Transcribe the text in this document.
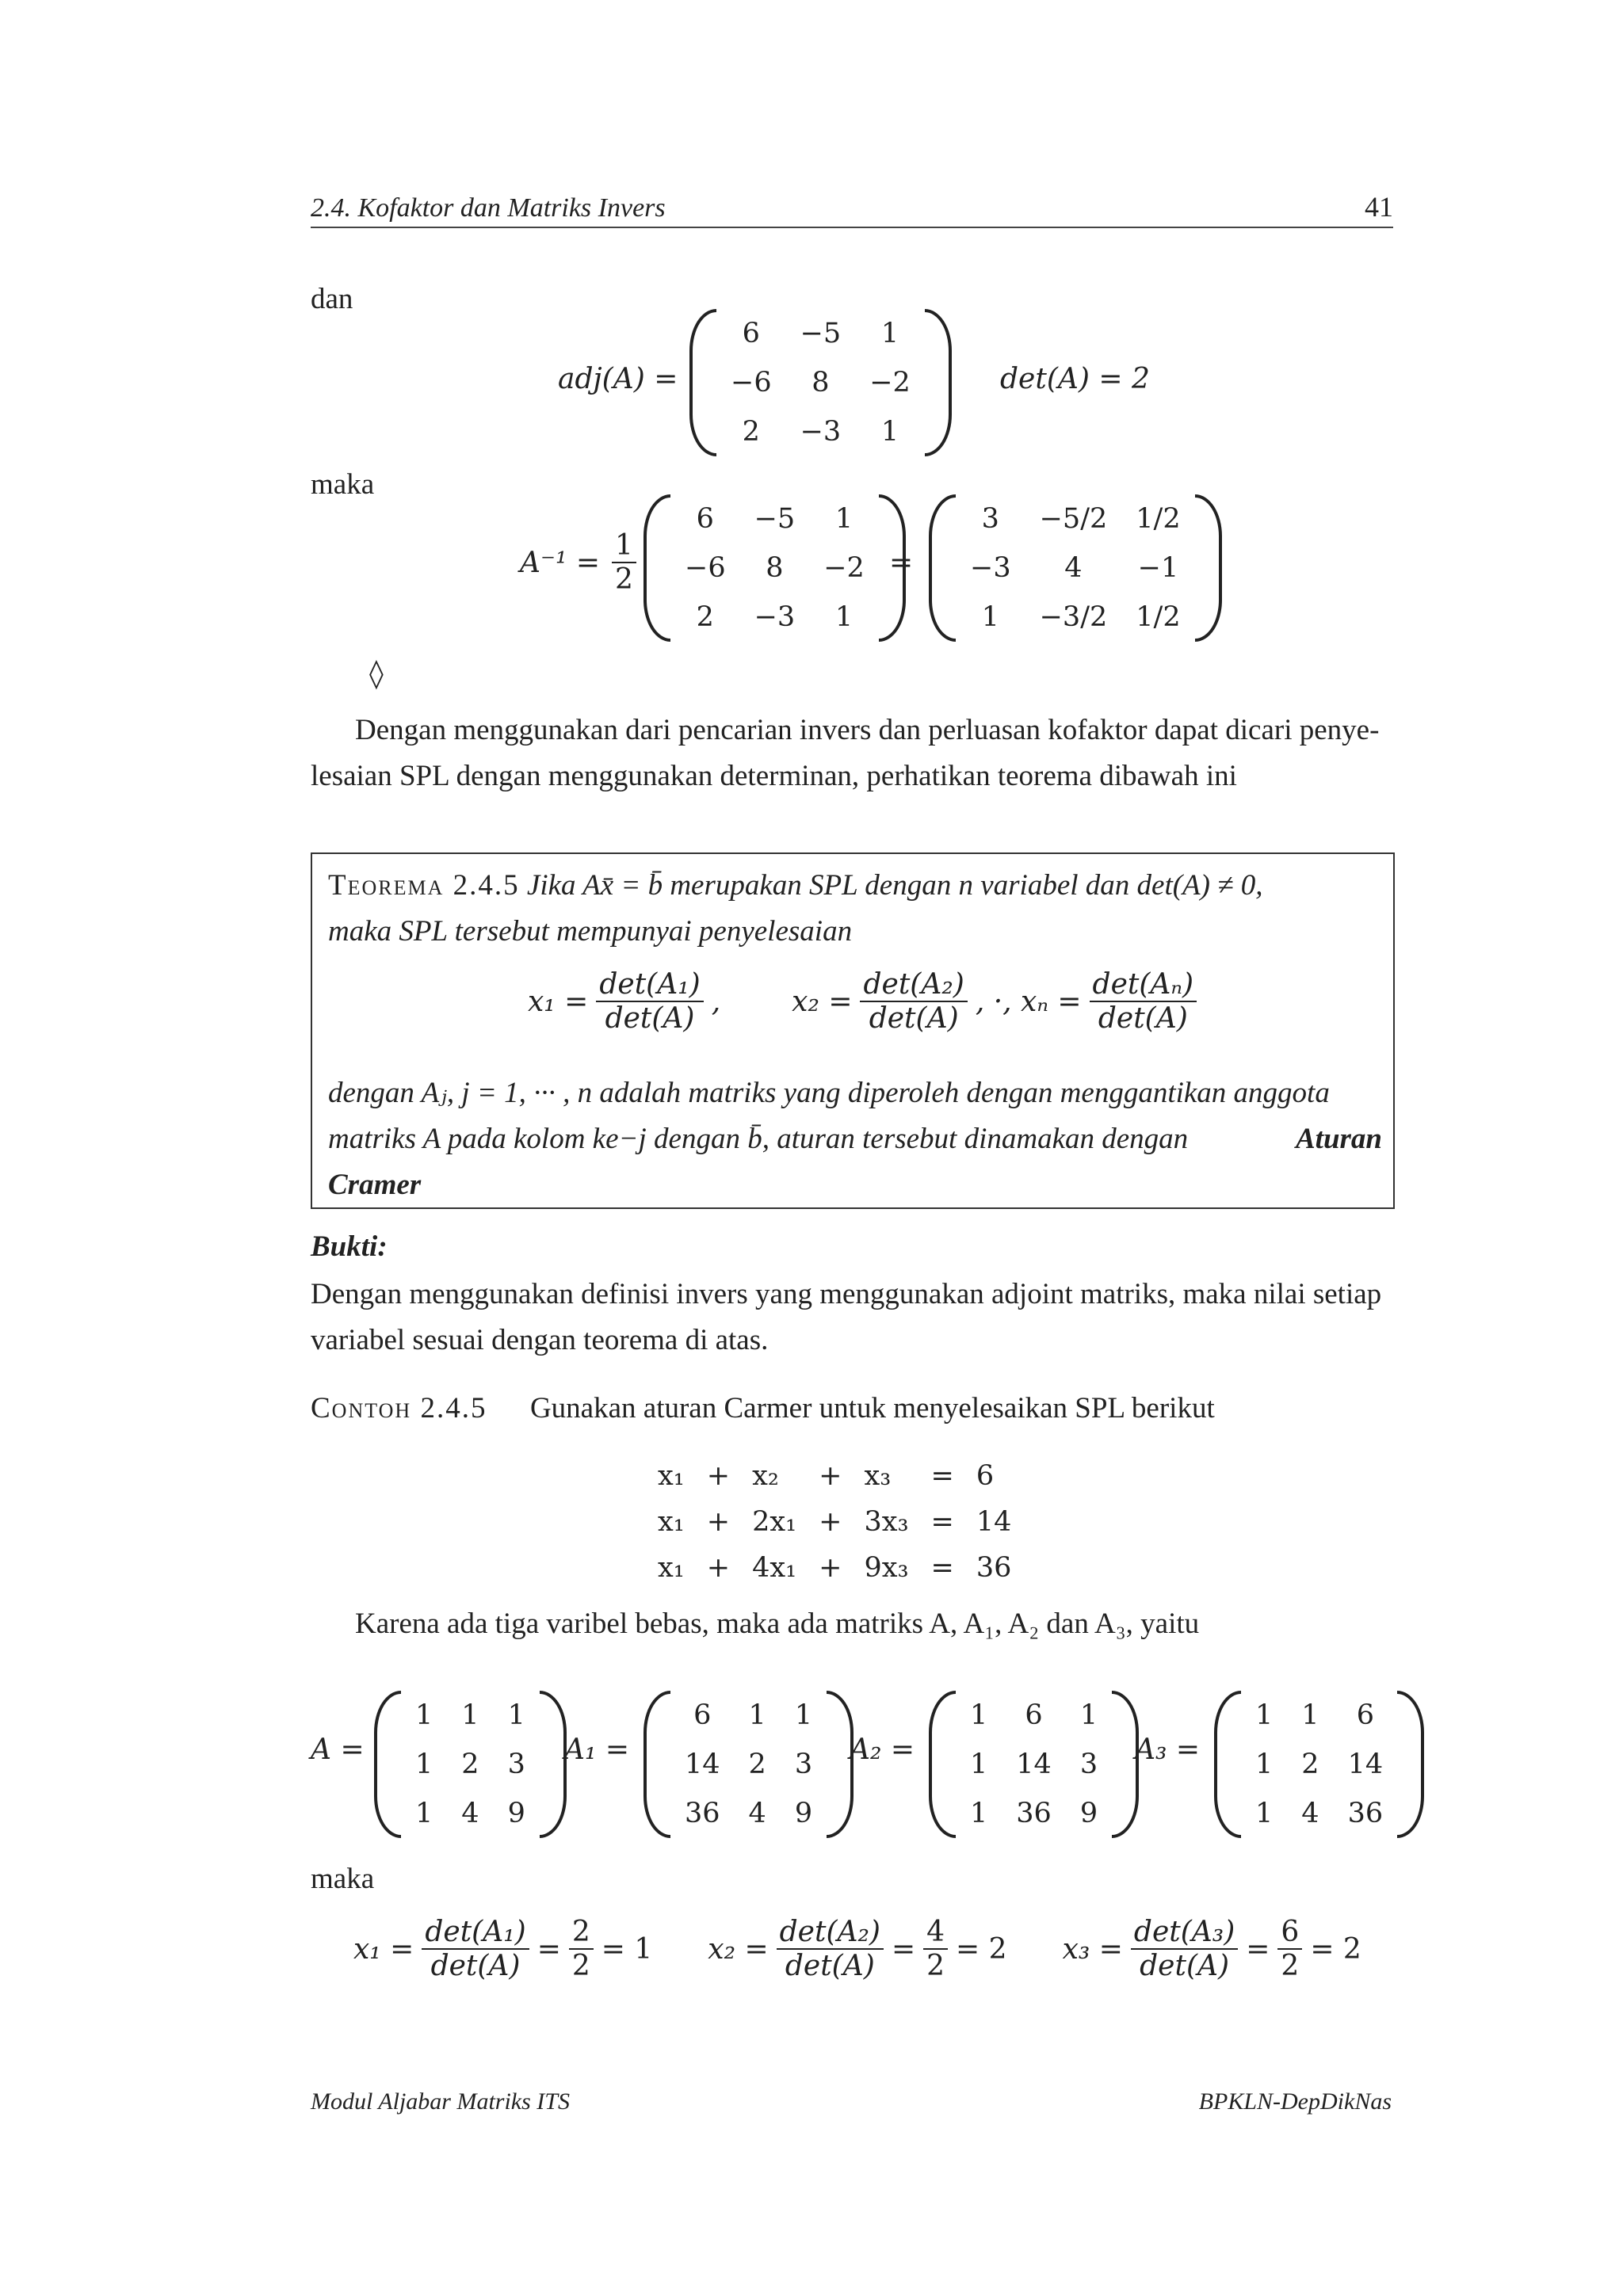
2.4. Kofaktor dan Matriks Invers	41
dan
adj(A) =
6	−5	1
−6	8	−2
2	−3	1
det(A) = 2
maka
$A^{-1} = \frac{1}{2}$
6	−5	1
−6	8	−2
2	−3	1
=
3	−5/2	1/2
−3	4	−1
1	−3/2	1/2
◊
Dengan menggunakan dari pencarian invers dan perluasan kofaktor dapat dicari penye-
lesaian SPL dengan menggunakan determinan, perhatikan teorema dibawah ini
Teorema 2.4.5 Jika Ax̄ = b̄ merupakan SPL dengan n variabel dan det(A) ≠ 0,
maka SPL tersebut mempunyai penyelesaian
$x_1 = \frac{\text{det(A₁)}}{\det(A)}$ ,	$x_2 = \frac{\text{det(A₂)}}{\det(A)}$ , ·, $x_n = \frac{\text{det(Aₙ)}}{\det(A)}$
dengan Aⱼ, j = 1, ··· , n adalah matriks yang diperoleh dengan menggantikan anggota
matriks A pada kolom ke−j dengan b̄, aturan tersebut dinamakan dengan	Aturan
Cramer
Bukti:
Dengan menggunakan definisi invers yang menggunakan adjoint matriks, maka nilai setiap
variabel sesuai dengan teorema di atas.
Contoh 2.4.5 Gunakan aturan Carmer untuk menyelesaikan SPL berikut
x₁	+	x₂	+	x₃	=	6
x₁	+	2x₁	+	3x₃	=	14
x₁	+	4x₁	+	9x₃	=	36
Karena ada tiga varibel bebas, maka ada matriks A, A₁, A₂ dan A₃, yaitu
A =
1	1	1
1	2	3
1	4	9
A₁ =
6	1	1
14	2	3
36	4	9
A₂ =
1	6	1
1	14	3
1	36	9
A₃ =
1	1	6
1	2	14
1	4	36
maka
$x_1 = \frac{\text{det(A₁)}}{\det(A)} = \frac{2}{2} = 1$ $x_2 = \frac{\text{det(A₂)}}{\det(A)} = \frac{4}{2} = 2$ $x_3 = \frac{\text{det(A₃)}}{\det(A)} = \frac{6}{2} = 2$
Modul Aljabar Matriks ITS	BPKLN-DepDikNas
